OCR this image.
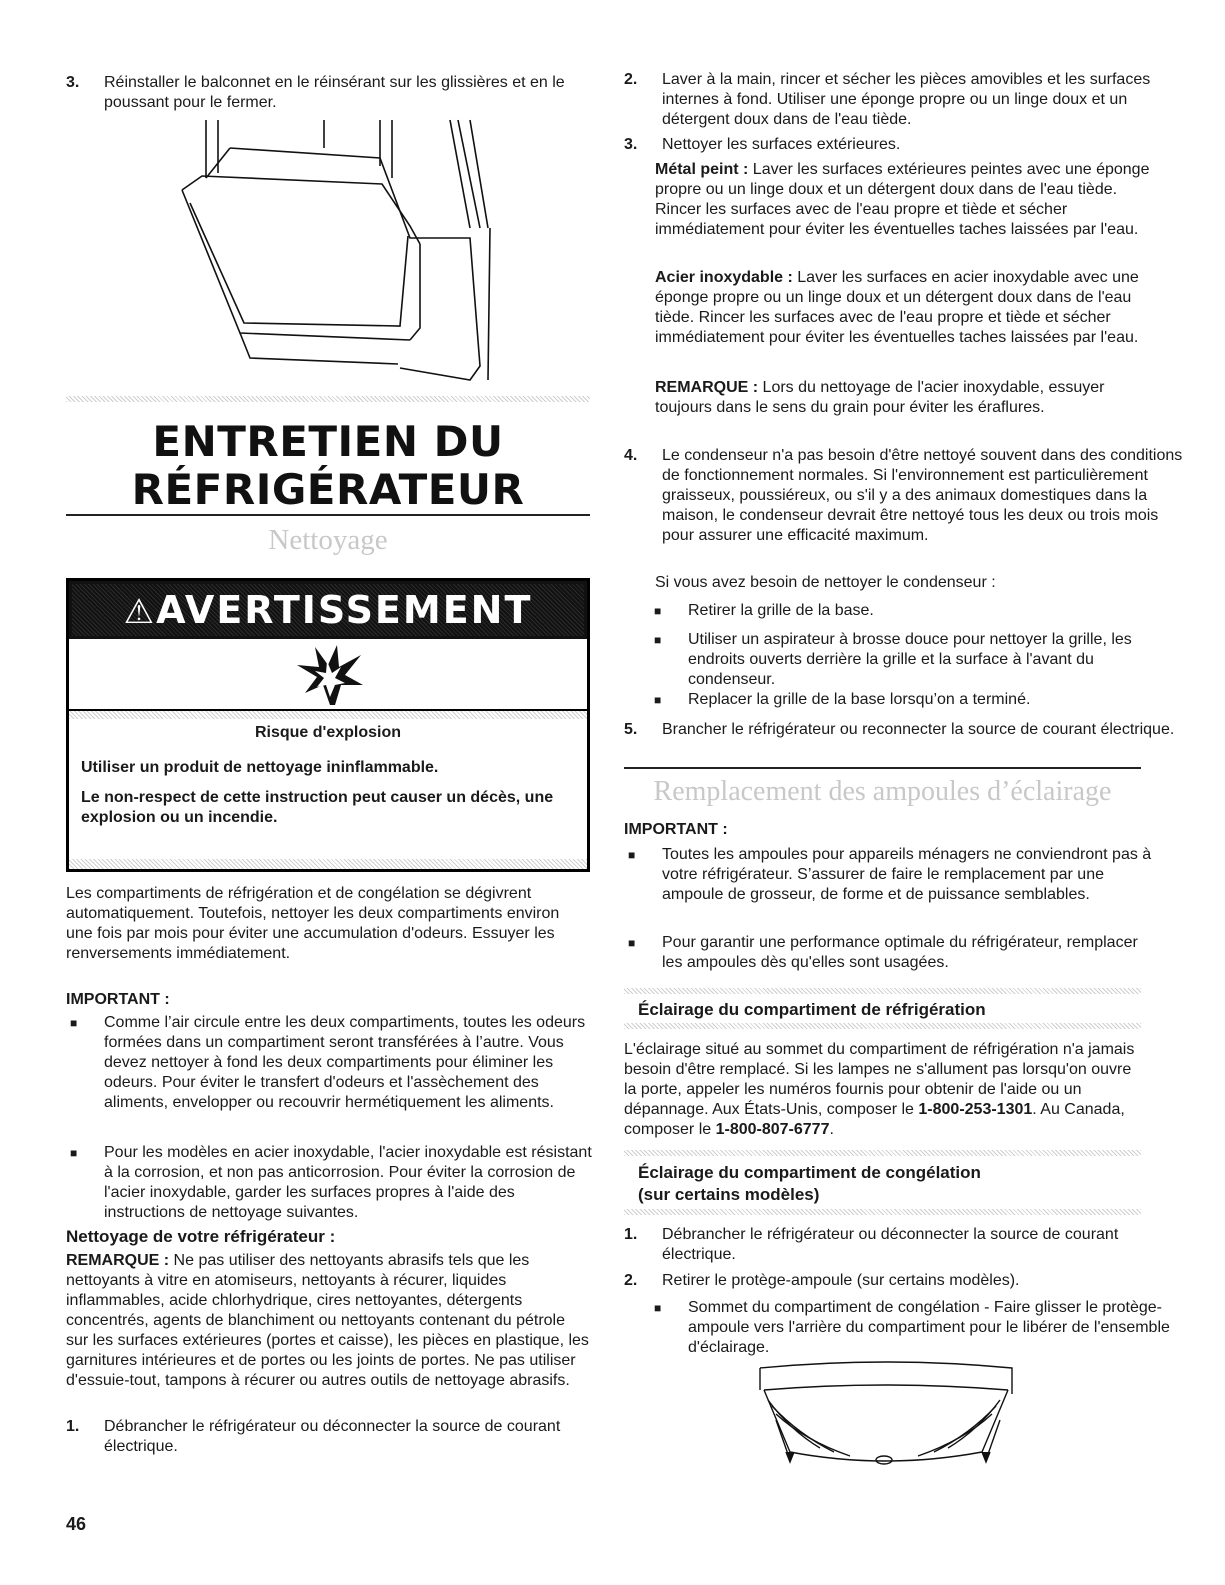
3. Réinstaller le balconnet en le réinsérant sur les glissières et en le poussant pour le fermer.

ENTRETIEN DU
RÉFRIGÉRATEUR
Nettoyage
⚠AVERTISSEMENT
Risque d'explosion
Utiliser un produit de nettoyage ininflammable.
Le non-respect de cette instruction peut causer un décès, une explosion ou un incendie.

Les compartiments de réfrigération et de congélation se dégivrent automatiquement. Toutefois, nettoyer les deux compartiments environ une fois par mois pour éviter une accumulation d'odeurs. Essuyer les renversements immédiatement.

IMPORTANT :

■ Comme l’air circule entre les deux compartiments, toutes les odeurs formées dans un compartiment seront transférées à l’autre. Vous devez nettoyer à fond les deux compartiments pour éliminer les odeurs. Pour éviter le transfert d'odeurs et l'assèchement des aliments, envelopper ou recouvrir hermétiquement les aliments.

■ Pour les modèles en acier inoxydable, l'acier inoxydable est résistant à la corrosion, et non pas anticorrosion. Pour éviter la corrosion de l'acier inoxydable, garder les surfaces propres à l'aide des instructions de nettoyage suivantes.

Nettoyage de votre réfrigérateur :

REMARQUE : Ne pas utiliser des nettoyants abrasifs tels que les nettoyants à vitre en atomiseurs, nettoyants à récurer, liquides inflammables, acide chlorhydrique, cires nettoyantes, détergents concentrés, agents de blanchiment ou nettoyants contenant du pétrole sur les surfaces extérieures (portes et caisse), les pièces en plastique, les garnitures intérieures et de portes ou les joints de portes. Ne pas utiliser d'essuie-tout, tampons à récurer ou autres outils de nettoyage abrasifs.

1. Débrancher le réfrigérateur ou déconnecter la source de courant électrique.

46
2. Laver à la main, rincer et sécher les pièces amovibles et les surfaces internes à fond. Utiliser une éponge propre ou un linge doux et un détergent doux dans de l'eau tiède.

3. Nettoyer les surfaces extérieures.

Métal peint : Laver les surfaces extérieures peintes avec une éponge propre ou un linge doux et un détergent doux dans de l'eau tiède. Rincer les surfaces avec de l'eau propre et tiède et sécher immédiatement pour éviter les éventuelles taches laissées par l'eau.

Acier inoxydable : Laver les surfaces en acier inoxydable avec une éponge propre ou un linge doux et un détergent doux dans de l'eau tiède. Rincer les surfaces avec de l'eau propre et tiède et sécher immédiatement pour éviter les éventuelles taches laissées par l'eau.

REMARQUE : Lors du nettoyage de l'acier inoxydable, essuyer toujours dans le sens du grain pour éviter les éraflures.

4. Le condenseur n'a pas besoin d'être nettoyé souvent dans des conditions de fonctionnement normales. Si l'environnement est particulièrement graisseux, poussiéreux, ou s'il y a des animaux domestiques dans la maison, le condenseur devrait être nettoyé tous les deux ou trois mois pour assurer une efficacité maximum.

Si vous avez besoin de nettoyer le condenseur :

■ Retirer la grille de la base.

■ Utiliser un aspirateur à brosse douce pour nettoyer la grille, les endroits ouverts derrière la grille et la surface à l'avant du condenseur.

■ Replacer la grille de la base lorsqu’on a terminé.

5. Brancher le réfrigérateur ou reconnecter la source de courant électrique.

Remplacement des ampoules d’éclairage

IMPORTANT :

■ Toutes les ampoules pour appareils ménagers ne conviendront pas à votre réfrigérateur. S’assurer de faire le remplacement par une ampoule de grosseur, de forme et de puissance semblables.

■ Pour garantir une performance optimale du réfrigérateur, remplacer les ampoules dès qu'elles sont usagées.

Éclairage du compartiment de réfrigération

L'éclairage situé au sommet du compartiment de réfrigération n'a jamais besoin d'être remplacé. Si les lampes ne s'allument pas lorsqu'on ouvre la porte, appeler les numéros fournis pour obtenir de l'aide ou un dépannage. Aux États-Unis, composer le 1-800-253-1301. Au Canada, composer le 1-800-807-6777.

Éclairage du compartiment de congélation

(sur certains modèles)

1. Débrancher le réfrigérateur ou déconnecter la source de courant électrique.

2. Retirer le protège-ampoule (sur certains modèles).

■ Sommet du compartiment de congélation - Faire glisser le protège-ampoule vers l'arrière du compartiment pour le libérer de l'ensemble d'éclairage.
